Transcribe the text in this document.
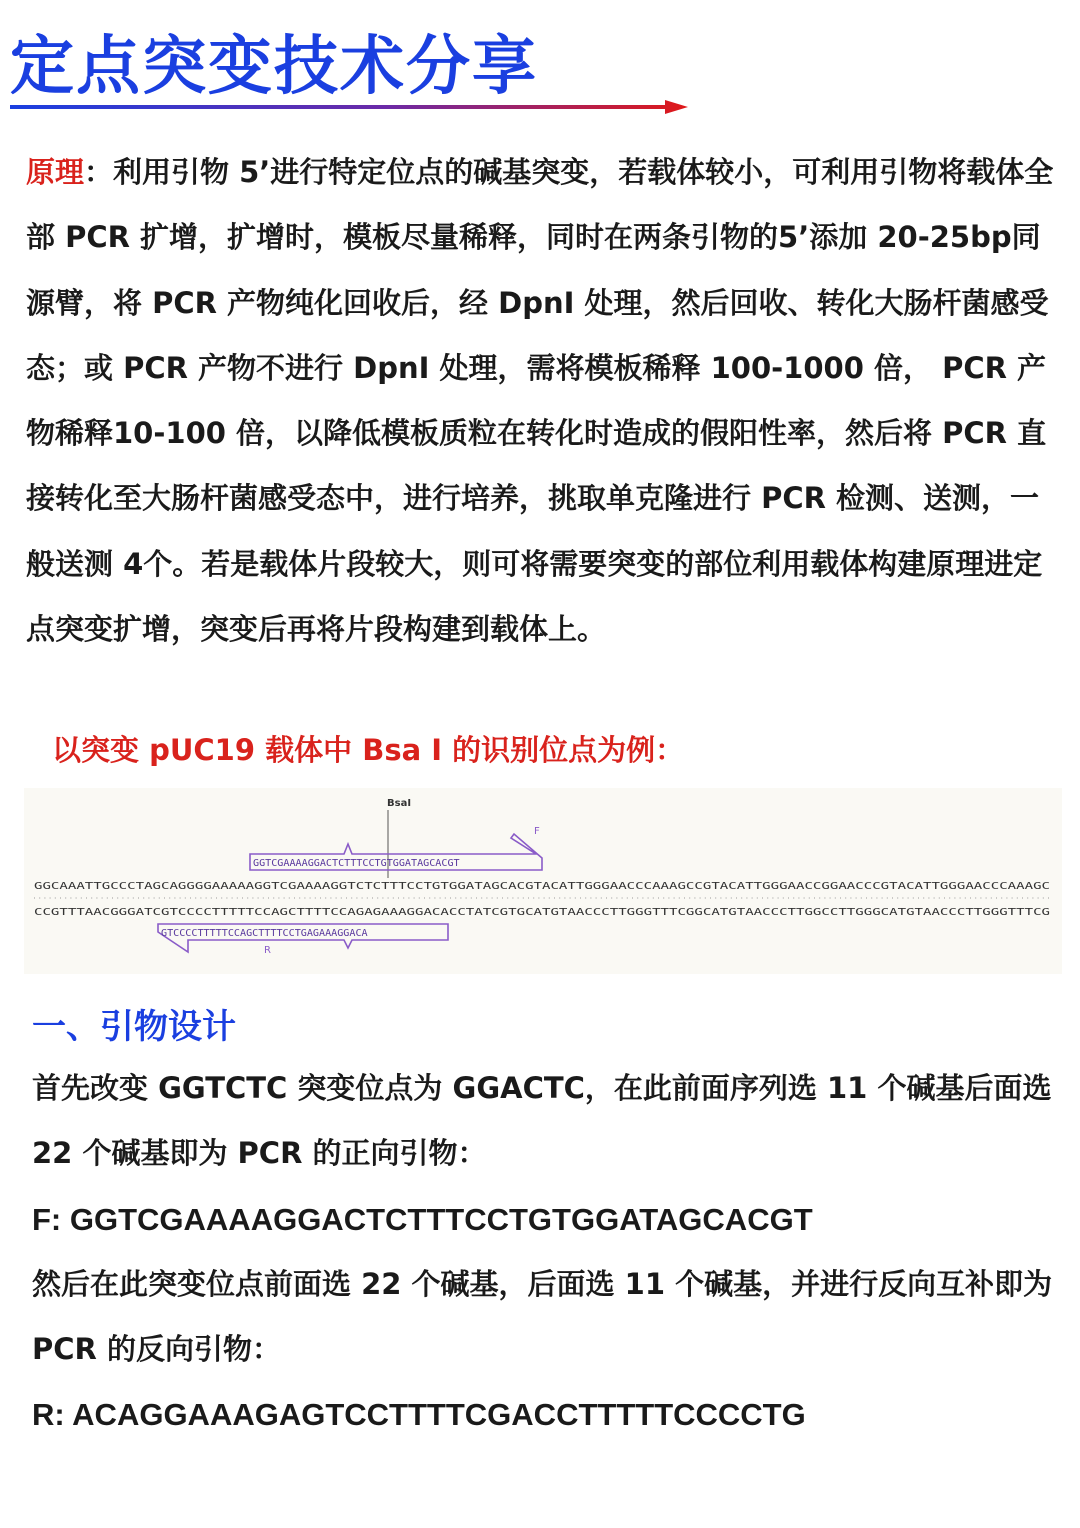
定点突变技术分享

原理：利用引物 5’进行特定位点的碱基突变，若载体较小，可利用引物将载体全部 PCR 扩增，扩增时，模板尽量稀释，同时在两条引物的5’添加 20-25bp同源臂，将 PCR 产物纯化回收后，经 DpnI 处理，然后回收、转化大肠杆菌感受态；或 PCR 产物不进行 DpnI 处理，需将模板稀释 100-1000 倍， PCR 产物稀释10-100 倍，以降低模板质粒在转化时造成的假阳性率，然后将 PCR 直接转化至大肠杆菌感受态中，进行培养，挑取单克隆进行 PCR 检测、送测，一般送测 4个。若是载体片段较大，则可将需要突变的部位利用载体构建原理进定点突变扩增，突变后再将片段构建到载体上。

以突变 pUC19 载体中 Bsa I 的识别位点为例：
BsaI
F
GGTCGAAAAGGACTCTTTCCTGTGGATAGCACGT
GGCAAATTGCCCTAGCAGGGGAAAAAGGTCGAAAAGGTCTCTTTCCTGTGGATAGCACGTACATTGGGAACCCAAAGCCGTACATTGGGAACCGGAACCCGTACATTGGGAACCCAAAGC
CCGTTTAACGGGATCGTCCCCTTTTTCCAGCTTTTCCAGAGAAAGGACACCTATCGTGCATGTAACCCTTGGGTTTCGGCATGTAACCCTTGGCCTTGGGCATGTAACCCTTGGGTTTCG
GTCCCCTTTTTCCAGCTTTTCCTGAGAAAGGACA
R
一、引物设计

首先改变 GGTCTC 突变位点为 GGACTC，在此前面序列选 11 个碱基后面选 22 个碱基即为 PCR 的正向引物：

F: GGTCGAAAAGGACTCTTTCCTGTGGATAGCACGT

然后在此突变位点前面选 22 个碱基，后面选 11 个碱基，并进行反向互补即为 PCR 的反向引物：

R: ACAGGAAAGAGTCCTTTTCGACCTTTTTCCCCTG
